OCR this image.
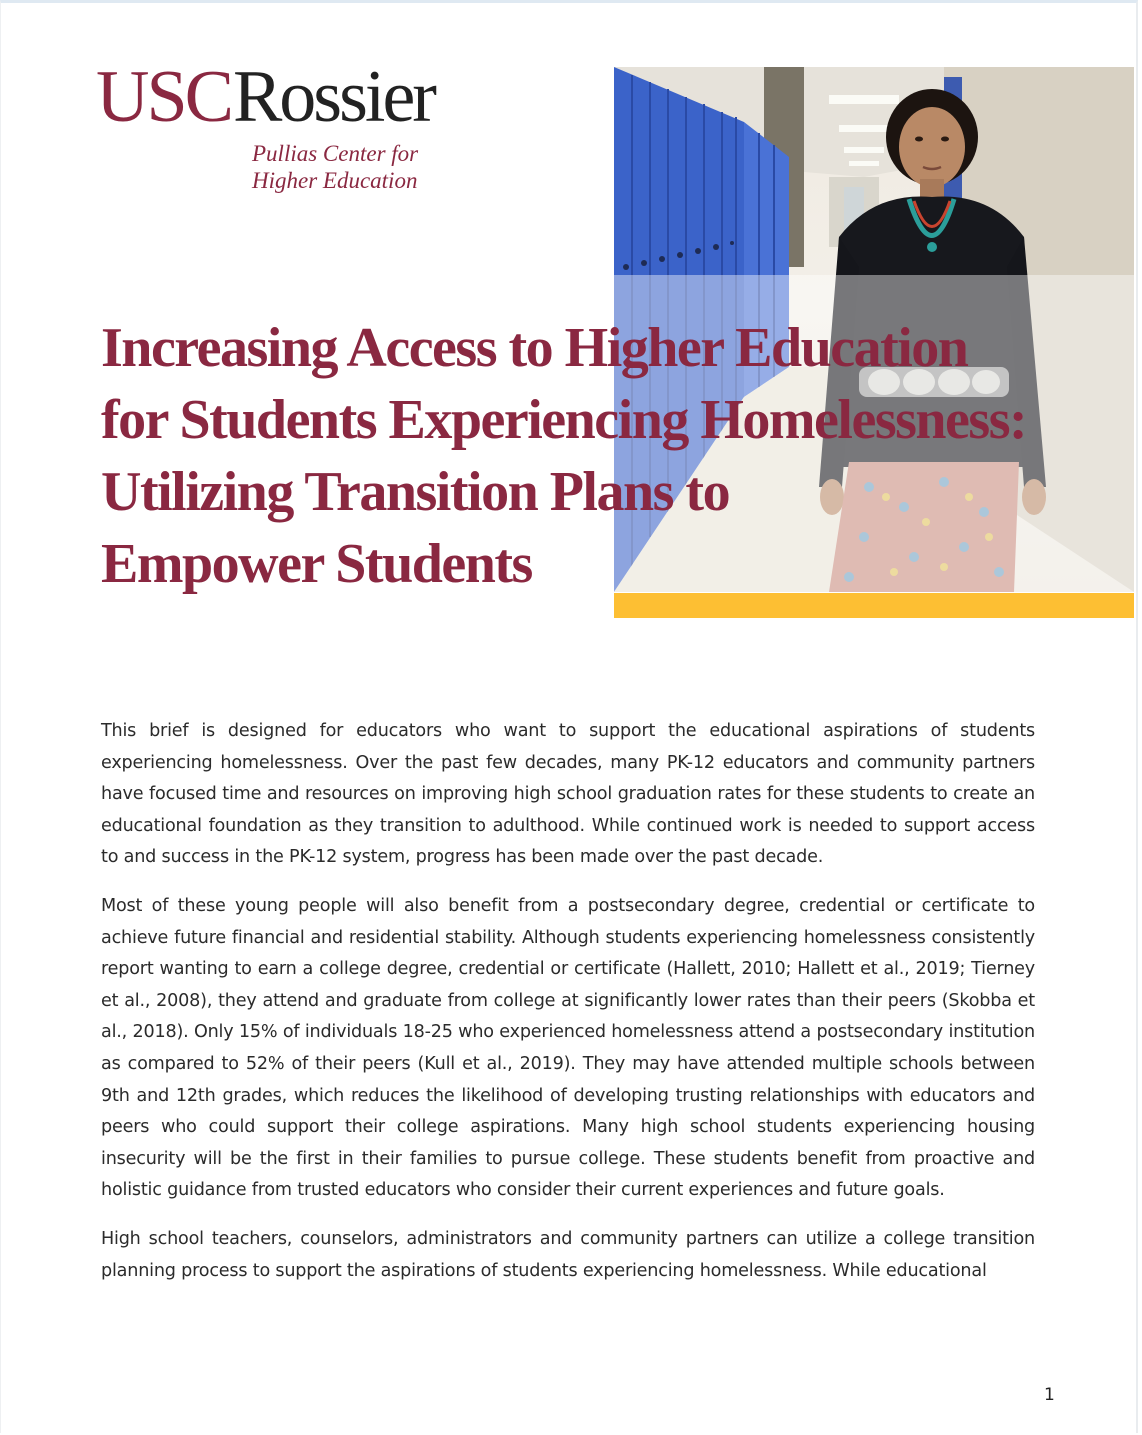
USCRossier
Pullias Center for
Higher Education
Increasing Access to Higher Education
for Students Experiencing Homelessness:
Utilizing Transition Plans to
Empower Students

This brief is designed for educators who want to support the educational aspirations of students experiencing homelessness. Over the past few decades, many PK-12 educators and community partners have focused time and resources on improving high school graduation rates for these students to create an educational foundation as they transition to adulthood. While continued work is needed to support access to and success in the PK-12 system, progress has been made over the past decade.

Most of these young people will also benefit from a postsecondary degree, credential or certificate to achieve future financial and residential stability. Although students experiencing homelessness consistently report wanting to earn a college degree, credential or certificate (Hallett, 2010; Hallett et al., 2019; Tierney et al., 2008), they attend and graduate from college at significantly lower rates than their peers (Skobba et al., 2018). Only 15% of individuals 18-25 who experienced homelessness attend a postsecondary institution as compared to 52% of their peers (Kull et al., 2019). They may have attended multiple schools between 9th and 12th grades, which reduces the likelihood of developing trusting relationships with educators and peers who could support their college aspirations. Many high school students experiencing housing insecurity will be the first in their families to pursue college. These students benefit from proactive and holistic guidance from trusted educators who consider their current experiences and future goals.

High school teachers, counselors, administrators and community partners can utilize a college transition planning process to support the aspirations of students experiencing homelessness. While educational

1
